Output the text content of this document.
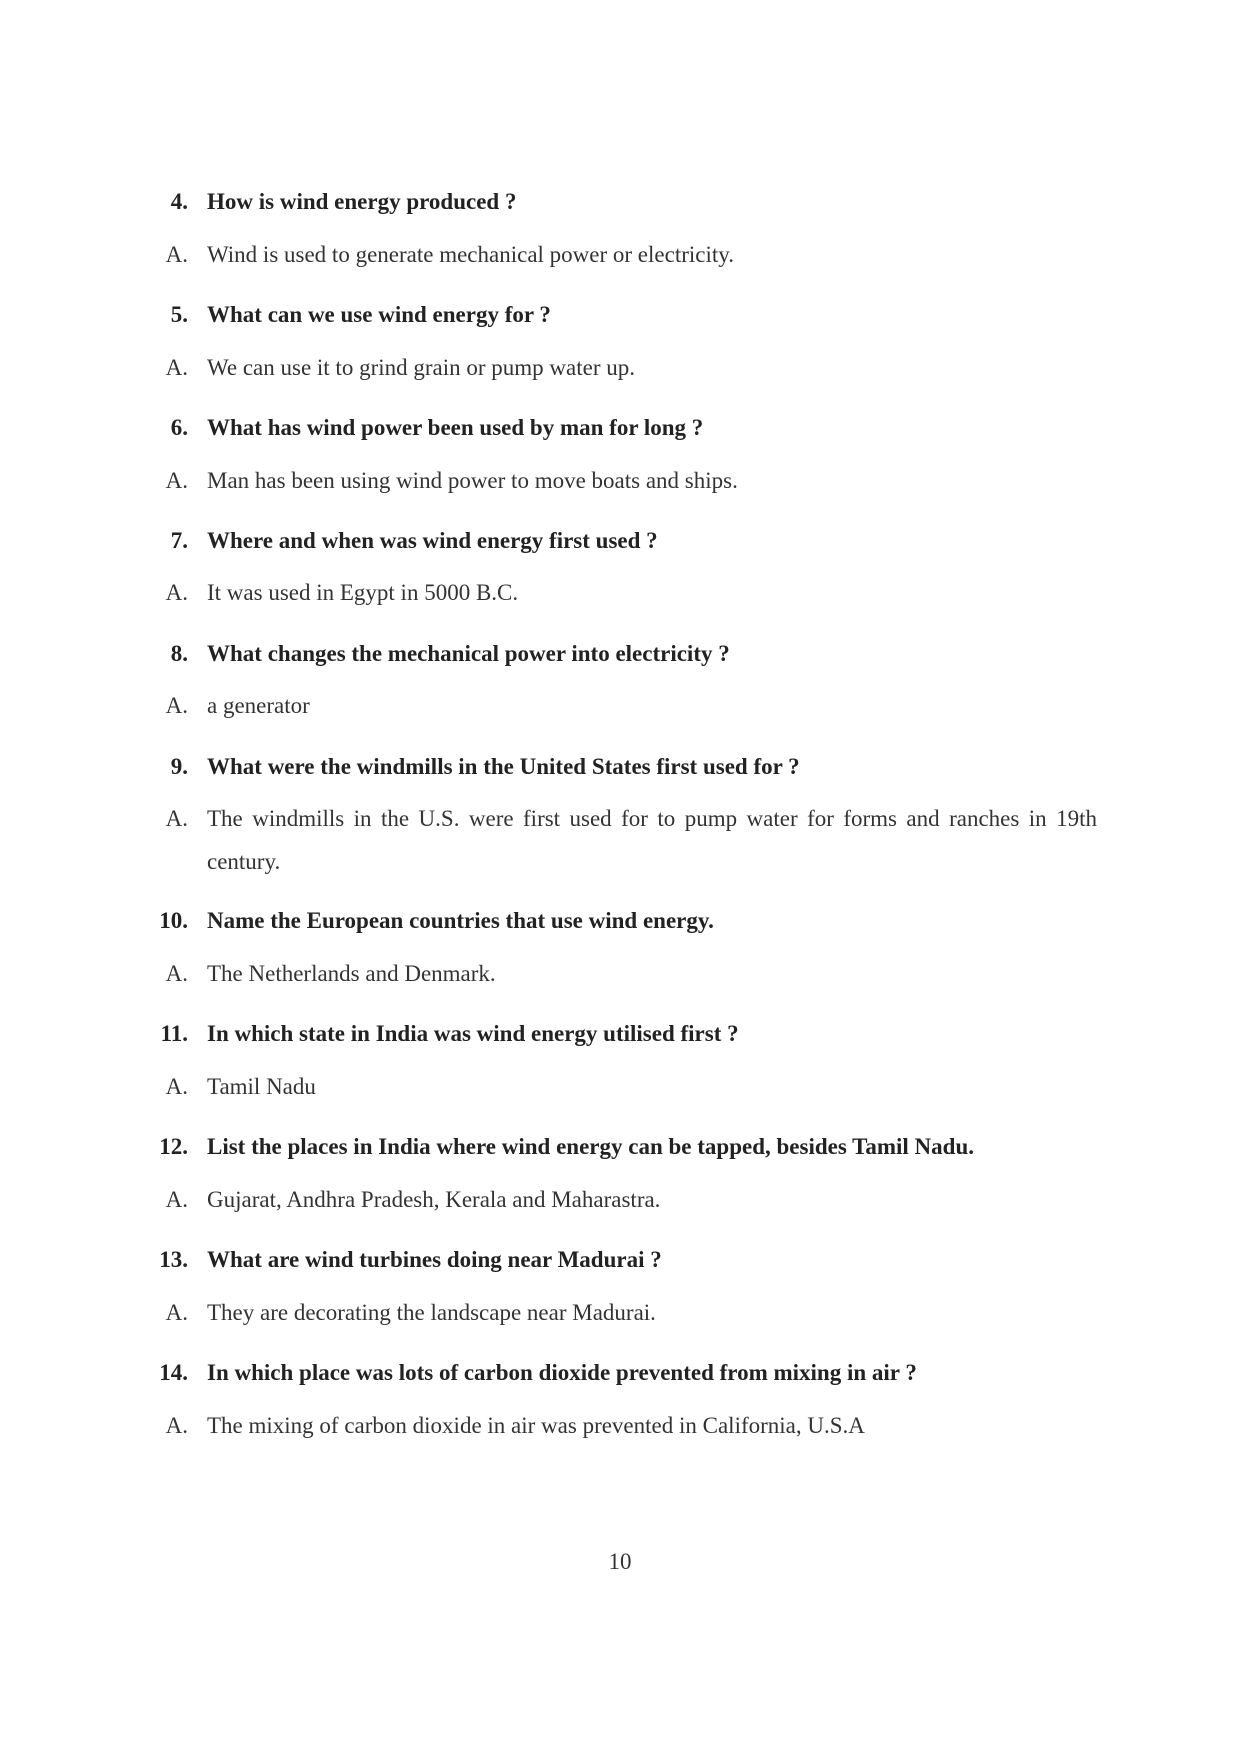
4. How is wind energy produced ?
A. Wind is used to generate mechanical power or electricity.
5. What can we use wind energy for ?
A. We can use it to grind grain or pump water up.
6. What has wind power been used by man for long ?
A. Man has been using wind power to move boats and ships.
7. Where and when was wind energy first used ?
A. It was used in Egypt in 5000 B.C.
8. What changes the mechanical power into electricity ?
A. a generator
9. What were the windmills in the United States first used for ?
A. The windmills in the U.S. were first used for to pump water for forms and ranches in 19th century.
10. Name the European countries that use wind energy.
A. The Netherlands and Denmark.
11. In which state in India was wind energy utilised first ?
A. Tamil Nadu
12. List the places in India where wind energy can be tapped, besides Tamil Nadu.
A. Gujarat, Andhra Pradesh, Kerala and Maharastra.
13. What are wind turbines doing near Madurai ?
A. They are decorating the landscape near Madurai.
14. In which place was lots of carbon dioxide prevented from mixing in air ?
A. The mixing of carbon dioxide in air was prevented in California, U.S.A
10
